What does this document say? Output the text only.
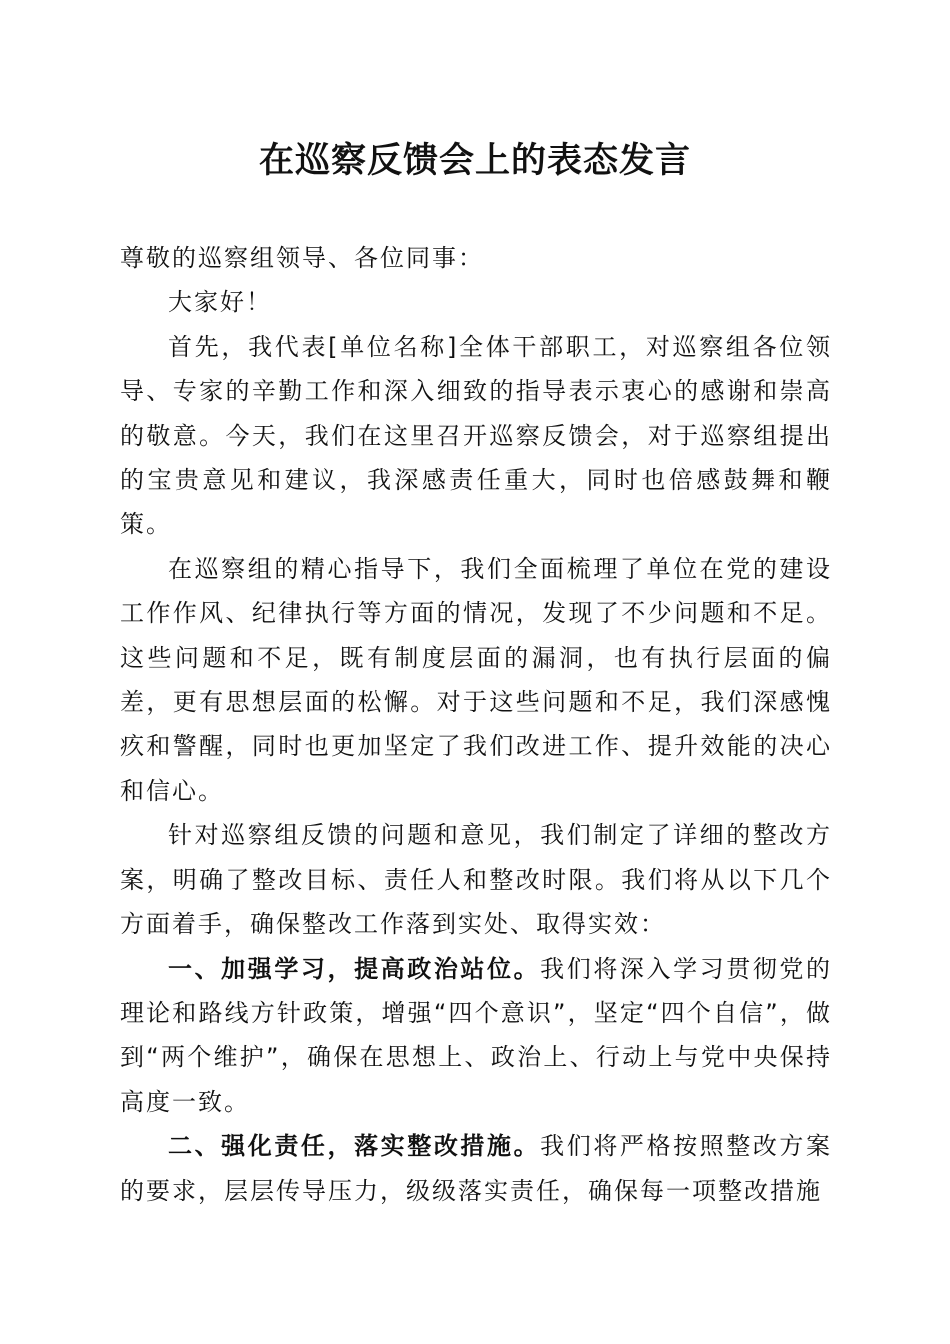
在巡察反馈会上的表态发言

尊敬的巡察组领导、各位同事：

大家好！

首先，我代表[单位名称]全体干部职工，对巡察组各位领导、专家的辛勤工作和深入细致的指导表示衷心的感谢和崇高的敬意。今天，我们在这里召开巡察反馈会，对于巡察组提出的宝贵意见和建议，我深感责任重大，同时也倍感鼓舞和鞭策。

在巡察组的精心指导下，我们全面梳理了单位在党的建设工作作风、纪律执行等方面的情况，发现了不少问题和不足。这些问题和不足，既有制度层面的漏洞，也有执行层面的偏差，更有思想层面的松懈。对于这些问题和不足，我们深感愧疚和警醒，同时也更加坚定了我们改进工作、提升效能的决心和信心。

针对巡察组反馈的问题和意见，我们制定了详细的整改方案，明确了整改目标、责任人和整改时限。我们将从以下几个方面着手，确保整改工作落到实处、取得实效：

一、加强学习，提高政治站位。我们将深入学习贯彻党的理论和路线方针政策，增强“四个意识”，坚定“四个自信”，做到“两个维护”，确保在思想上、政治上、行动上与党中央保持高度一致。

二、强化责任，落实整改措施。我们将严格按照整改方案的要求，层层传导压力，级级落实责任，确保每一项整改措施
